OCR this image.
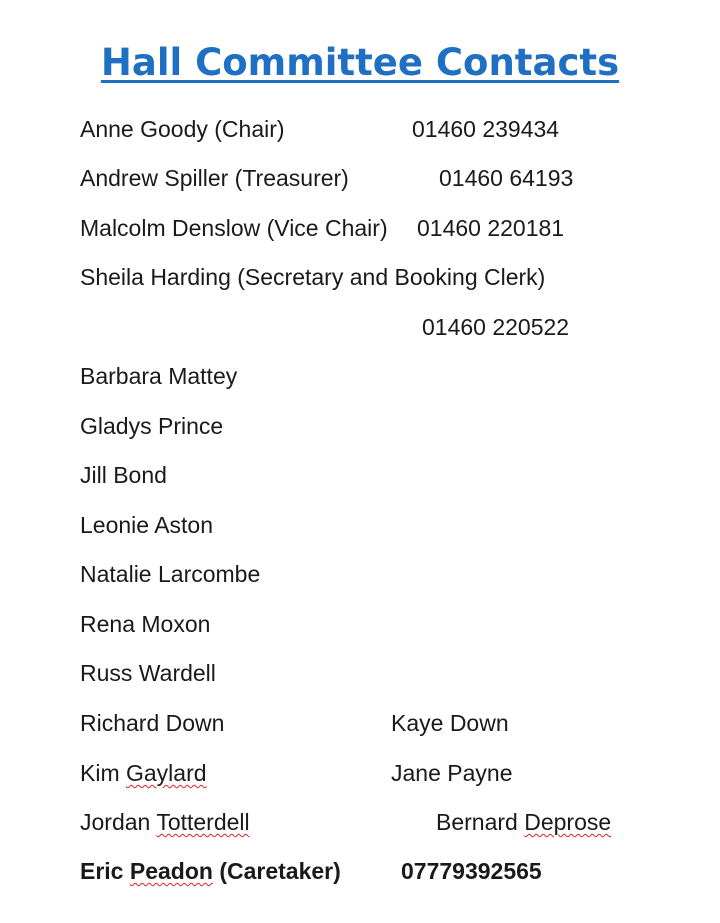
Hall Committee Contacts
Anne Goody (Chair)	01460 239434
Andrew Spiller (Treasurer)	01460 64193
Malcolm Denslow (Vice Chair) 01460 220181
Sheila Harding (Secretary and Booking Clerk)
01460 220522
Barbara Mattey
Gladys Prince
Jill Bond
Leonie Aston
Natalie Larcombe
Rena Moxon
Russ Wardell
Richard Down	Kaye Down
Kim Gaylard	Jane Payne
Jordan Totterdell	Bernard Deprose
Eric Peadon (Caretaker)	07779392565
